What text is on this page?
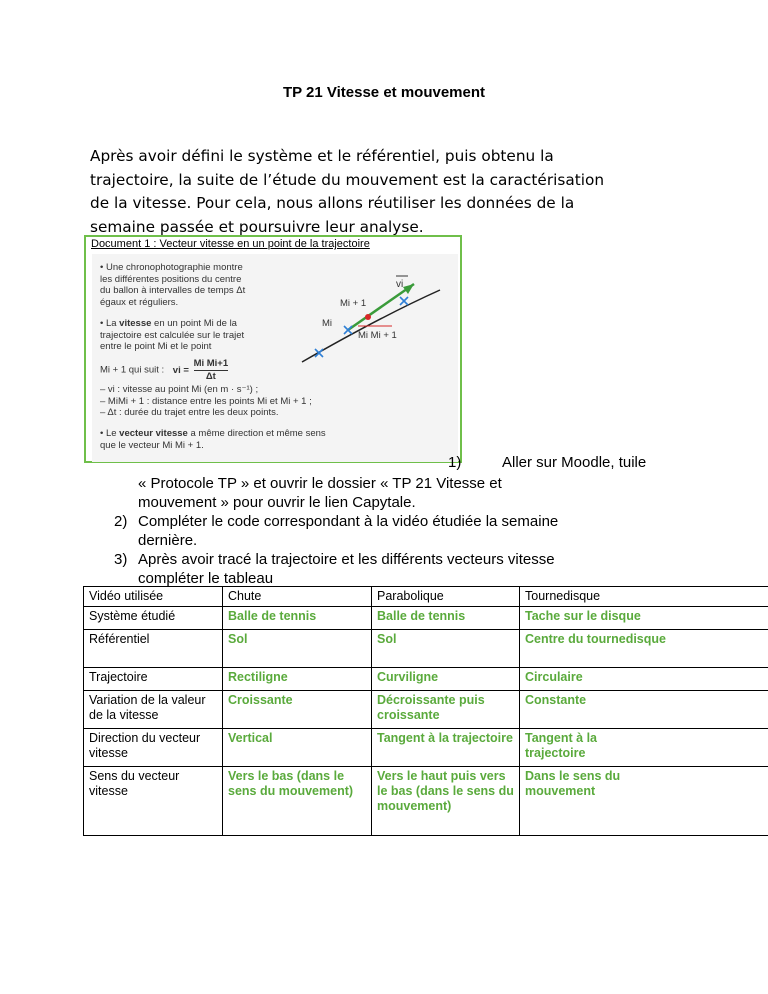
TP 21 Vitesse et mouvement
Après avoir défini le système et le référentiel, puis obtenu la
trajectoire, la suite de l’étude du mouvement est la caractérisation
de la vitesse. Pour cela, nous allons réutiliser les données de la
semaine passée et poursuivre leur analyse.
Document 1 : Vecteur vitesse en un point de la trajectoire
• Une chronophotographie montre
les différentes positions du centre
du ballon à intervalles de temps Δt
égaux et réguliers.
• La vitesse en un point Mi de la
trajectoire est calculée sur le trajet
entre le point Mi et le point
Mi + 1 qui suit : vi = $\frac{\text{Mi Mi+1}}{\Delta t}$
– vi : vitesse au point Mi (en m · s⁻¹) ;
– MiMi + 1 : distance entre les points Mi et Mi + 1 ;
– Δt : durée du trajet entre les deux points.
• Le vecteur vitesse a même direction et même sens
que le vecteur Mi Mi + 1.
vi
Mi + 1
Mi
Mi Mi + 1
1)	Aller sur Moodle, tuile
« Protocole TP » et ouvrir le dossier « TP 21 Vitesse et
mouvement » pour ouvrir le lien Capytale.
2) Compléter le code correspondant à la vidéo étudiée la semaine
dernière.
3) Après avoir tracé la trajectoire et les différents vecteurs vitesse
compléter le tableau
Vidéo utilisée	Chute	Parabolique	Tournedisque
Système étudié	Balle de tennis	Balle de tennis	Tache sur le disque
Référentiel	Sol	Sol	Centre du tournedisque
Trajectoire	Rectiligne	Curviligne	Circulaire
Variation de la valeur de la vitesse	Croissante	Décroissante puis croissante	Constante
Direction du vecteur vitesse	Vertical	Tangent à la trajectoire	Tangent à la trajectoire
Sens du vecteur vitesse	Vers le bas (dans le sens du mouvement)	Vers le haut puis vers le bas (dans le sens du mouvement)	Dans le sens du mouvement
